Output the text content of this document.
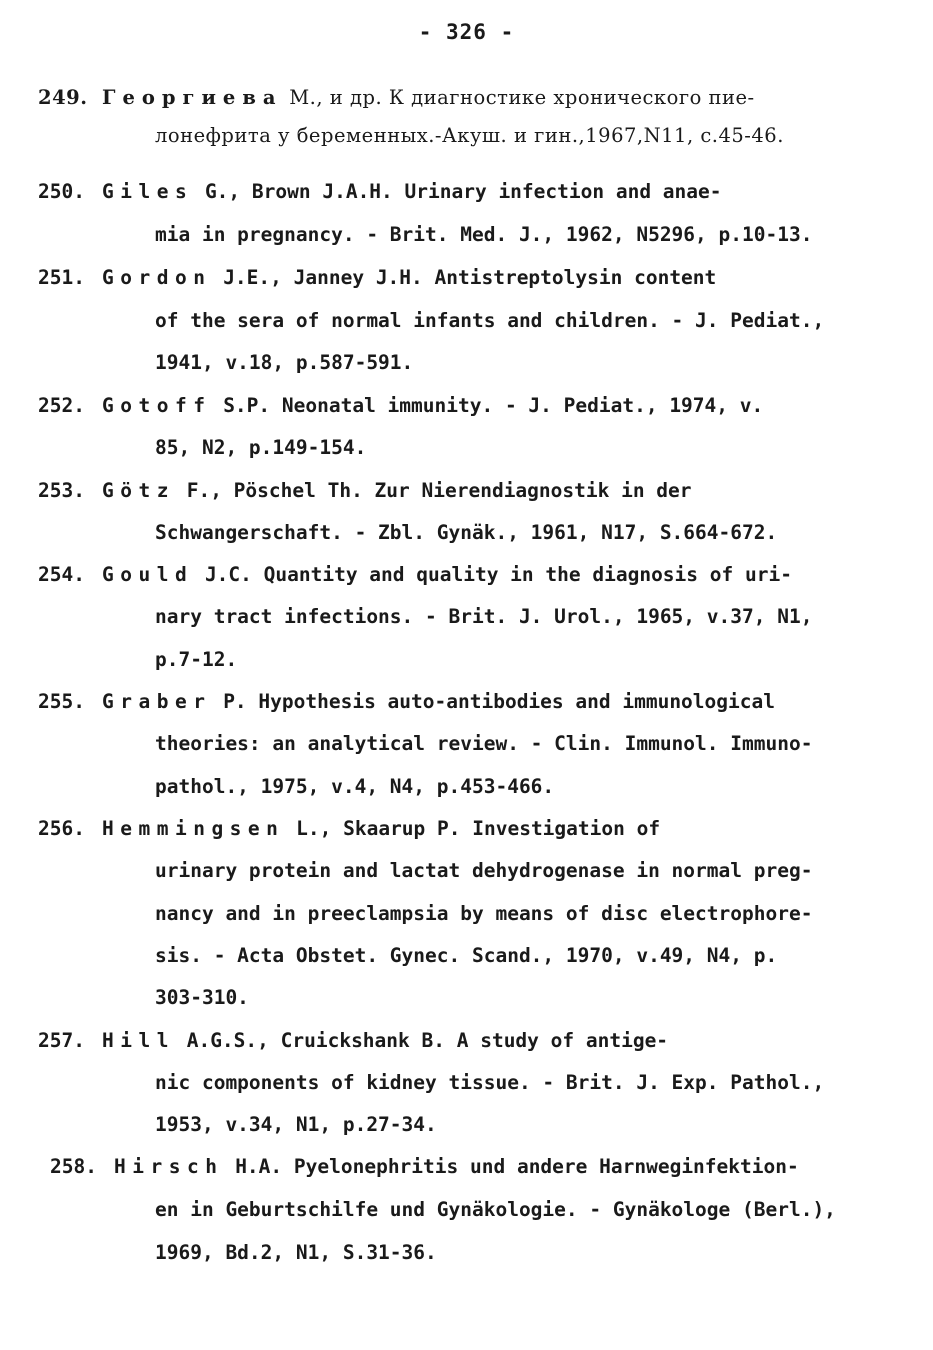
- 326 -
249. Георгиева М., и др. К диагностике хронического пие-
лонефрита у беременных.-Акуш. и гин.,1967,N11, с.45-46.
250. Giles G., Brown J.A.H. Urinary infection and anae-
mia in pregnancy. - Brit. Med. J., 1962, N5296, p.10-13.
251. Gordon J.E., Janney J.H. Antistreptolysin content
of the sera of normal infants and children. - J. Pediat.,
1941, v.18, p.587-591.
252. Gotoff S.P. Neonatal immunity. - J. Pediat., 1974, v.
85, N2, p.149-154.
253. Götz F., Pöschel Th. Zur Nierendiagnostik in der
Schwangerschaft. - Zbl. Gynäk., 1961, N17, S.664-672.
254. Gould J.C. Quantity and quality in the diagnosis of uri-
nary tract infections. - Brit. J. Urol., 1965, v.37, N1,
p.7-12.
255. Graber P. Hypothesis auto-antibodies and immunological
theories: an analytical review. - Clin. Immunol. Immuno-
pathol., 1975, v.4, N4, p.453-466.
256. Hemmingsen L., Skaarup P. Investigation of
urinary protein and lactat dehydrogenase in normal preg-
nancy and in preeclampsia by means of disc electrophore-
sis. - Acta Obstet. Gynec. Scand., 1970, v.49, N4, p.
303-310.
257. Hill A.G.S., Cruickshank B. A study of antige-
nic components of kidney tissue. - Brit. J. Exp. Pathol.,
1953, v.34, N1, p.27-34.
258. Hirsch H.A. Pyelonephritis und andere Harnweginfektion-
en in Geburtschilfe und Gynäkologie. - Gynäkologe (Berl.),
1969, Bd.2, N1, S.31-36.
